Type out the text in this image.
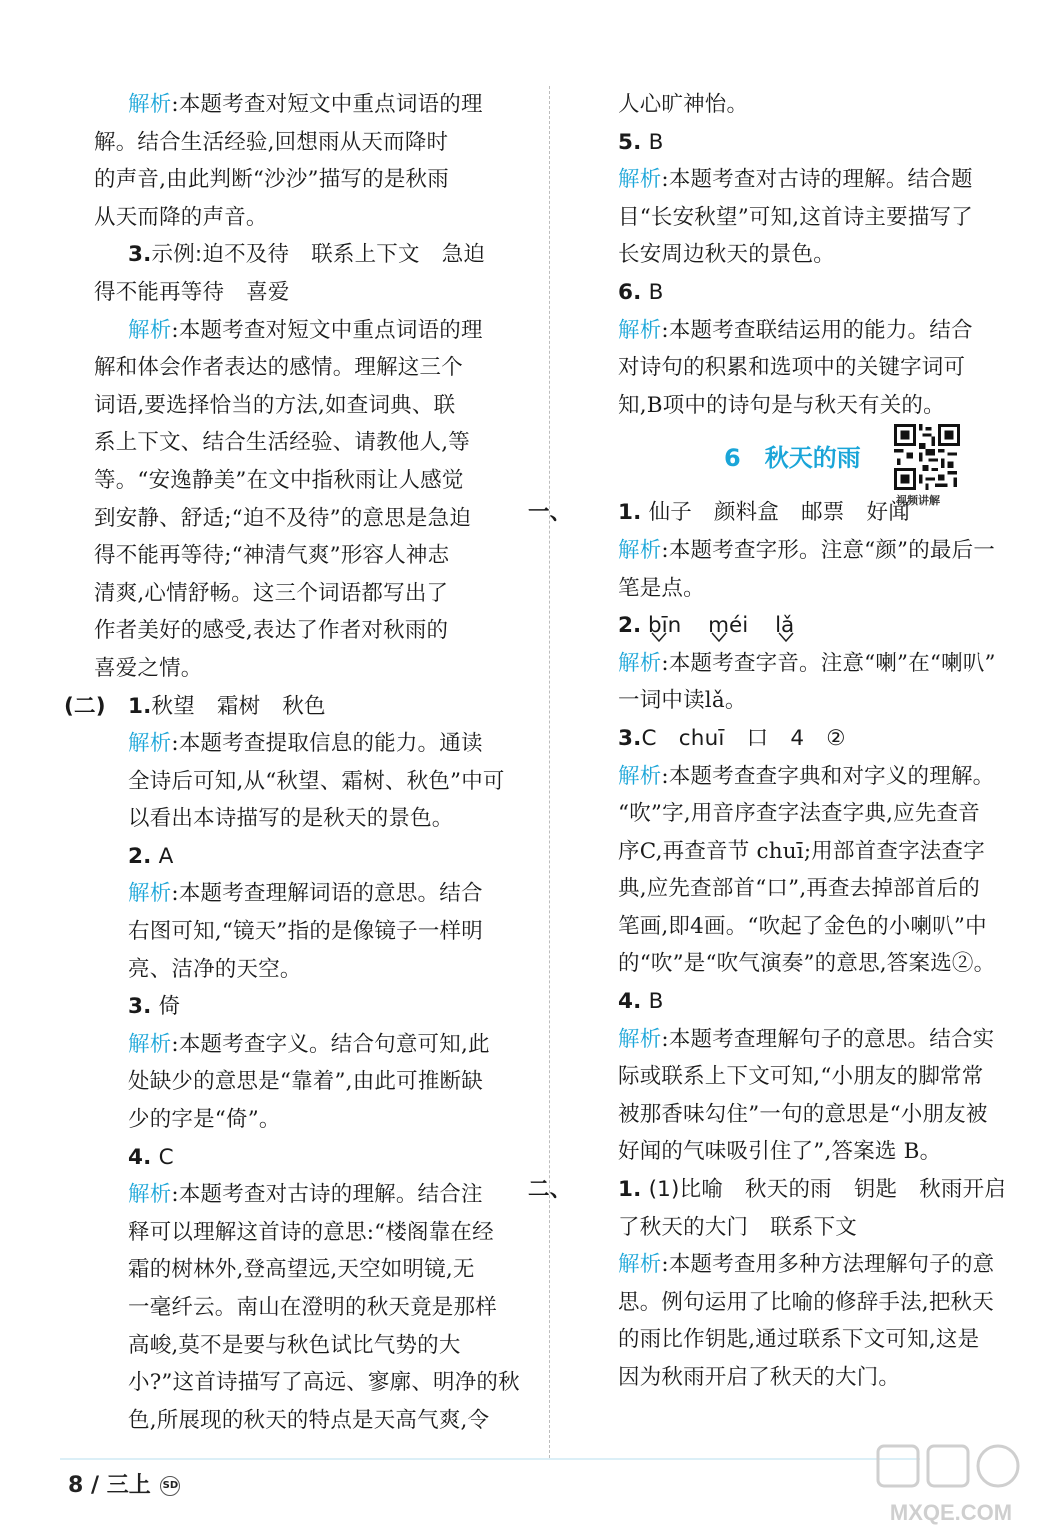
解析:本题考查对短文中重点词语的理
解。结合生活经验,回想雨从天而降时
的声音,由此判断“沙沙”描写的是秋雨
从天而降的声音。
3.示例:迫不及待 联系上下文 急迫
得不能再等待 喜爱
解析:本题考查对短文中重点词语的理
解和体会作者表达的感情。理解这三个
词语,要选择恰当的方法,如查词典、联
系上下文、结合生活经验、请教他人,等
等。“安逸静美”在文中指秋雨让人感觉
到安静、舒适;“迫不及待”的意思是急迫
得不能再等待;“神清气爽”形容人神志
清爽,心情舒畅。这三个词语都写出了
作者美好的感受,表达了作者对秋雨的
喜爱之情。
(二) 1.秋望 霜树 秋色
解析:本题考查提取信息的能力。通读
全诗后可知,从“秋望、霜树、秋色”中可
以看出本诗描写的是秋天的景色。
2. A
解析:本题考查理解词语的意思。结合
右图可知,“镜天”指的是像镜子一样明
亮、洁净的天空。
3. 倚
解析:本题考查字义。结合句意可知,此
处缺少的意思是“靠着”,由此可推断缺
少的字是“倚”。
4. C
解析:本题考查对古诗的理解。结合注
释可以理解这首诗的意思:“楼阁靠在经
霜的树林外,登高望远,天空如明镜,无
一毫纤云。南山在澄明的秋天竟是那样
高峻,莫不是要与秋色试比气势的大
小?”这首诗描写了高远、寥廓、明净的秋
色,所展现的秋天的特点是天高气爽,令
人心旷神怡。
5. B
解析:本题考查对古诗的理解。结合题
目“长安秋望”可知,这首诗主要描写了
长安周边秋天的景色。
6. B
解析:本题考查联结运用的能力。结合
对诗句的积累和选项中的关键字词可
知,B项中的诗句是与秋天有关的。
6 秋天的雨
视频讲解
一、 1. 仙子 颜料盒 邮票 好闻
解析:本题考查字形。注意“颜”的最后一
笔是点。
2. bīn méi lǎ
解析:本题考查字音。注意“喇”在“喇叭”
一词中读lǎ。
3.C chuī 口 4 ②
解析:本题考查查字典和对字义的理解。
“吹”字,用音序查字法查字典,应先查音
序C,再查音节 chuī;用部首查字法查字
典,应先查部首“口”,再查去掉部首后的
笔画,即4画。“吹起了金色的小喇叭”中
的“吹”是“吹气演奏”的意思,答案选②。
4. B
解析:本题考查理解句子的意思。结合实
际或联系上下文可知,“小朋友的脚常常
被那香味勾住”一句的意思是“小朋友被
好闻的气味吸引住了”,答案选 B。
二、 1. (1)比喻 秋天的雨 钥匙 秋雨开启
了秋天的大门 联系下文
解析:本题考查用多种方法理解句子的意
思。例句运用了比喻的修辞手法,把秋天
的雨比作钥匙,通过联系下文可知,这是
因为秋雨开启了秋天的大门。
8 / 三上 SD
MXQE.COM
